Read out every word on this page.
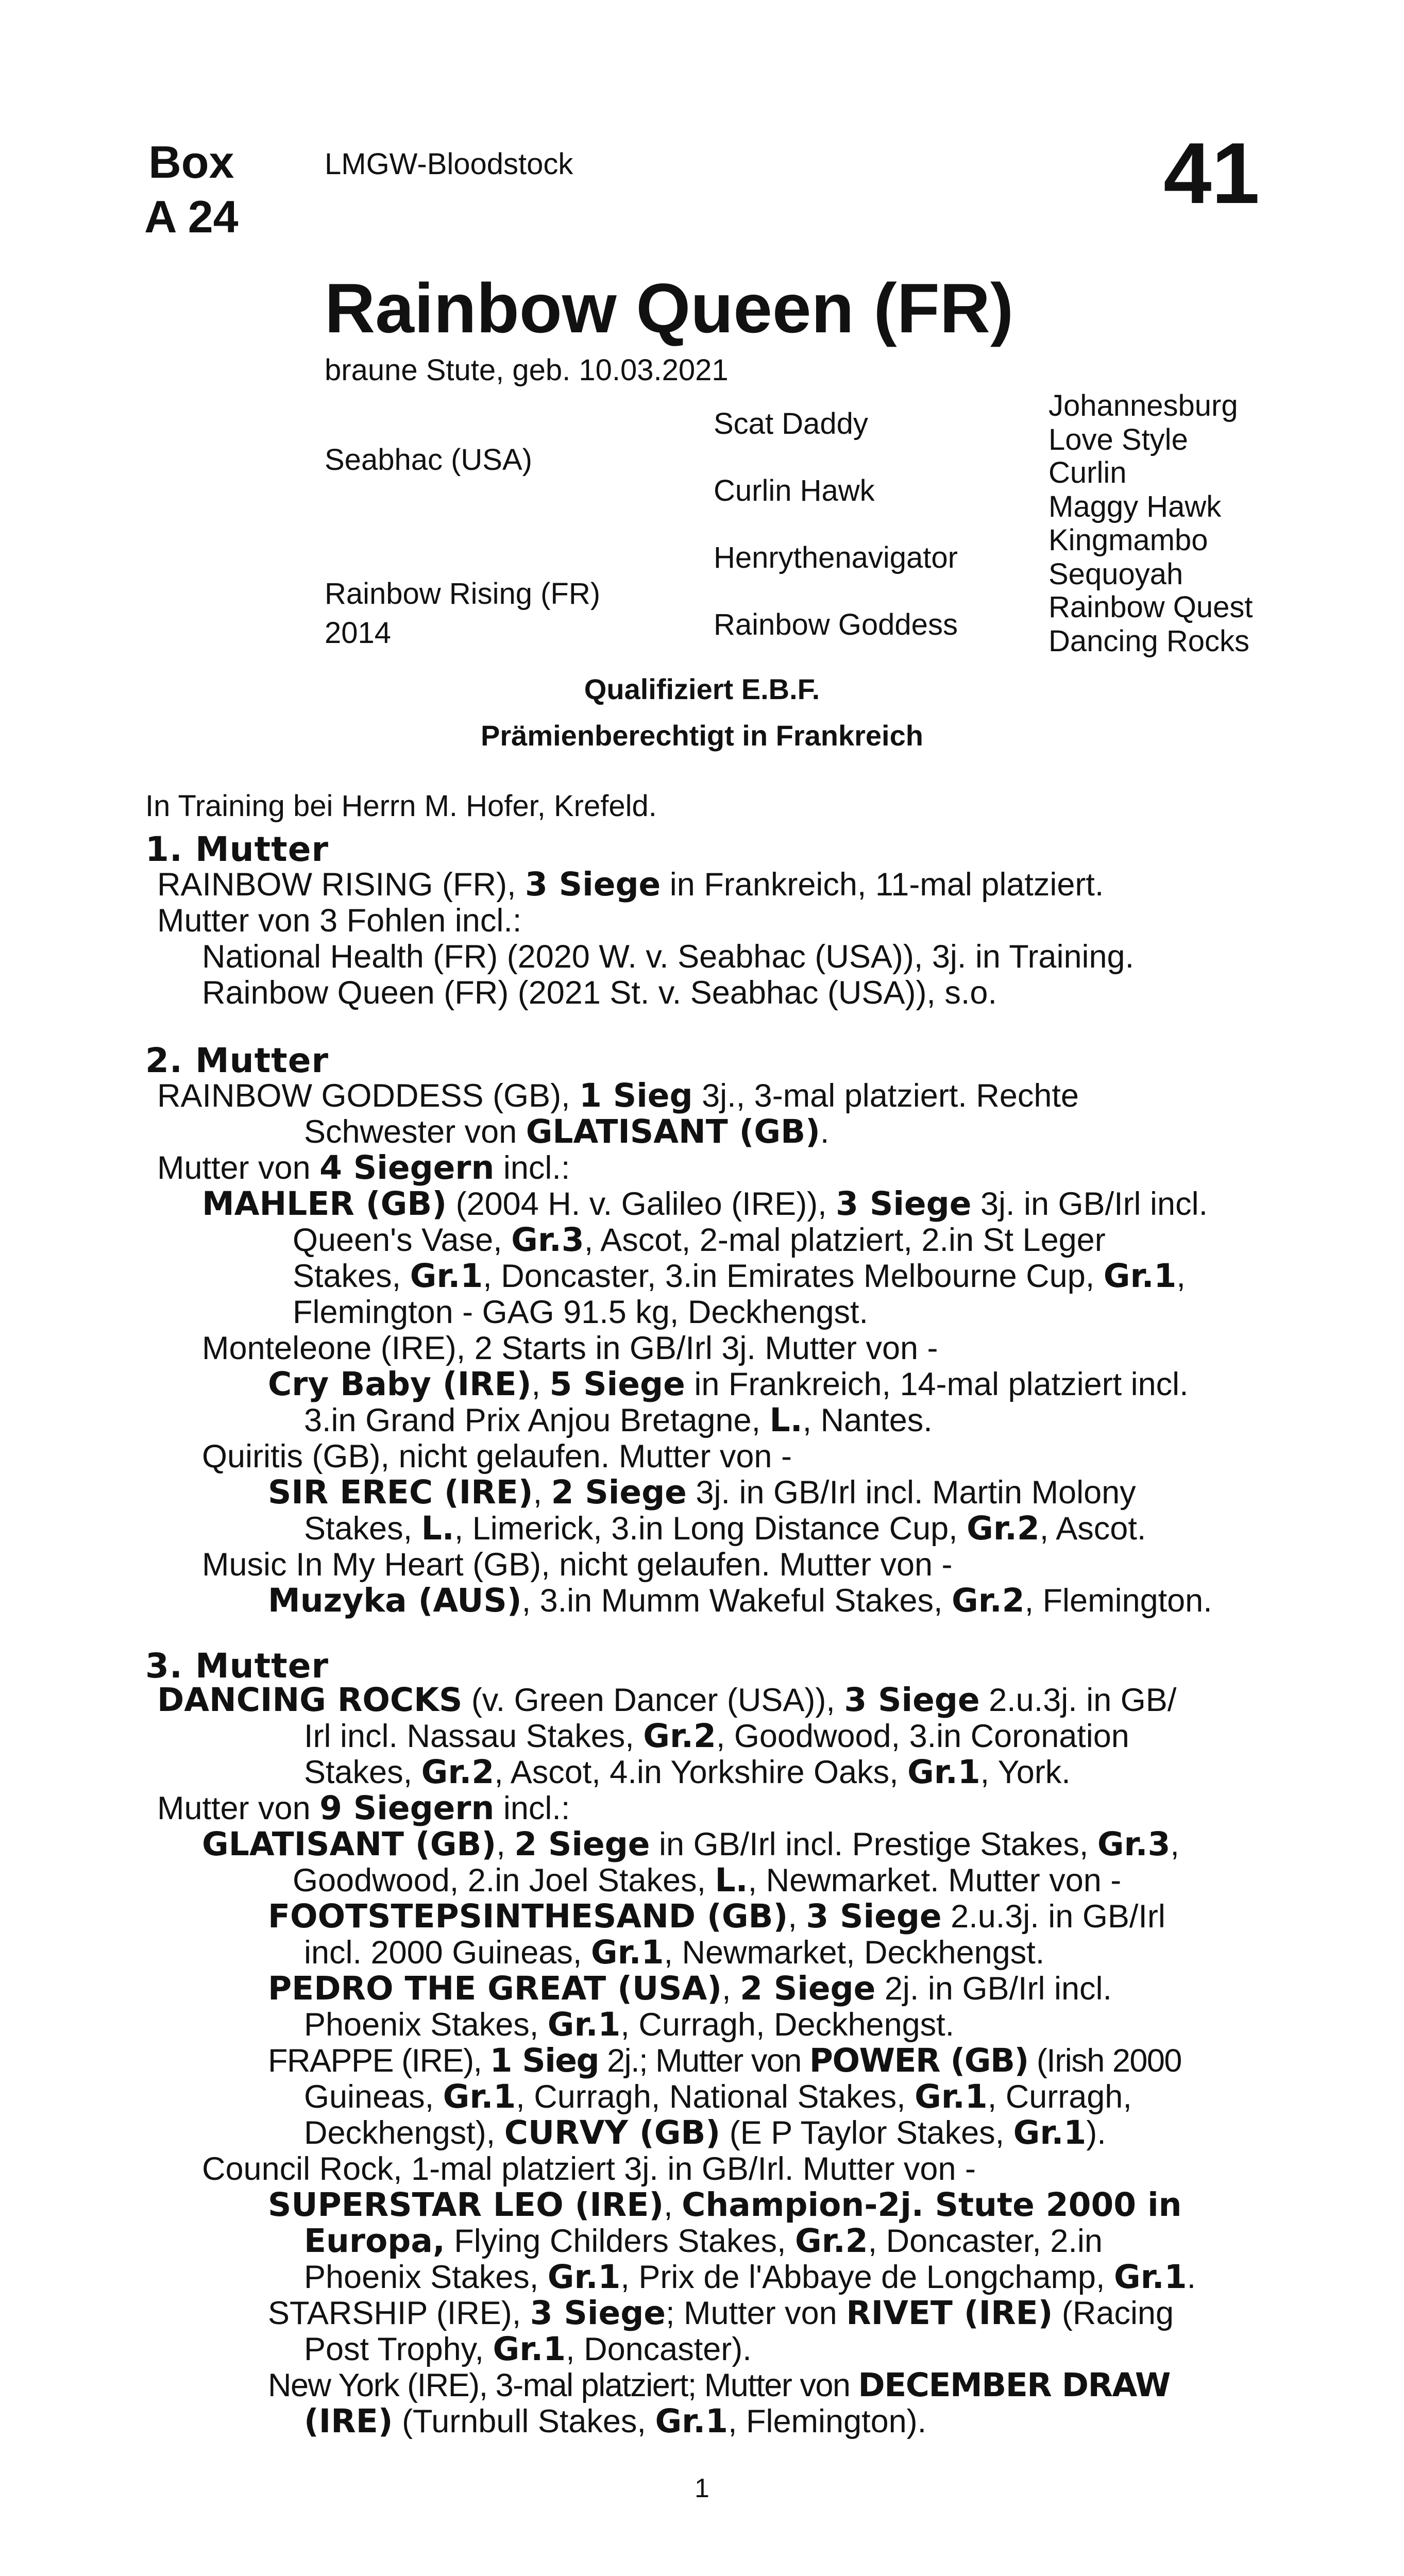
Box
A 24
LMGW-Bloodstock	41
Rainbow Queen (FR)
braune Stute, geb. 10.03.2021
Seabhac (USA)
Rainbow Rising (FR)
2014
Scat Daddy
Curlin Hawk
Henrythenavigator
Rainbow Goddess
Johannesburg
Love Style
Curlin
Maggy Hawk
Kingmambo
Sequoyah
Rainbow Quest
Dancing Rocks
Qualifiziert E.B.F.
Prämienberechtigt in Frankreich
In Training bei Herrn M. Hofer, Krefeld.
1. Mutter
RAINBOW RISING (FR), 3 Siege in Frankreich, 11-mal platziert.
Mutter von 3 Fohlen incl.:
National Health (FR) (2020 W. v. Seabhac (USA)), 3j. in Training.
Rainbow Queen (FR) (2021 St. v. Seabhac (USA)), s.o.
2. Mutter
RAINBOW GODDESS (GB), 1 Sieg 3j., 3-mal platziert. Rechte
Schwester von GLATISANT (GB).
Mutter von 4 Siegern incl.:
MAHLER (GB) (2004 H. v. Galileo (IRE)), 3 Siege 3j. in GB/Irl incl.
Queen's Vase, Gr.3, Ascot, 2-mal platziert, 2.in St Leger
Stakes, Gr.1, Doncaster, 3.in Emirates Melbourne Cup, Gr.1,
Flemington - GAG 91.5 kg, Deckhengst.
Monteleone (IRE), 2 Starts in GB/Irl 3j. Mutter von -
Cry Baby (IRE), 5 Siege in Frankreich, 14-mal platziert incl.
3.in Grand Prix Anjou Bretagne, L., Nantes.
Quiritis (GB), nicht gelaufen. Mutter von -
SIR EREC (IRE), 2 Siege 3j. in GB/Irl incl. Martin Molony
Stakes, L., Limerick, 3.in Long Distance Cup, Gr.2, Ascot.
Music In My Heart (GB), nicht gelaufen. Mutter von -
Muzyka (AUS), 3.in Mumm Wakeful Stakes, Gr.2, Flemington.
3. Mutter
DANCING ROCKS (v. Green Dancer (USA)), 3 Siege 2.u.3j. in GB/
Irl incl. Nassau Stakes, Gr.2, Goodwood, 3.in Coronation
Stakes, Gr.2, Ascot, 4.in Yorkshire Oaks, Gr.1, York.
Mutter von 9 Siegern incl.:
GLATISANT (GB), 2 Siege in GB/Irl incl. Prestige Stakes, Gr.3,
Goodwood, 2.in Joel Stakes, L., Newmarket. Mutter von -
FOOTSTEPSINTHESAND (GB), 3 Siege 2.u.3j. in GB/Irl
incl. 2000 Guineas, Gr.1, Newmarket, Deckhengst.
PEDRO THE GREAT (USA), 2 Siege 2j. in GB/Irl incl.
Phoenix Stakes, Gr.1, Curragh, Deckhengst.
FRAPPE (IRE), 1 Sieg 2j.; Mutter von POWER (GB) (Irish 2000
Guineas, Gr.1, Curragh, National Stakes, Gr.1, Curragh,
Deckhengst), CURVY (GB) (E P Taylor Stakes, Gr.1).
Council Rock, 1-mal platziert 3j. in GB/Irl. Mutter von -
SUPERSTAR LEO (IRE), Champion-2j. Stute 2000 in
Europa, Flying Childers Stakes, Gr.2, Doncaster, 2.in
Phoenix Stakes, Gr.1, Prix de l'Abbaye de Longchamp, Gr.1.
STARSHIP (IRE), 3 Siege; Mutter von RIVET (IRE) (Racing
Post Trophy, Gr.1, Doncaster).
New York (IRE), 3-mal platziert; Mutter von DECEMBER DRAW
(IRE) (Turnbull Stakes, Gr.1, Flemington).
1
